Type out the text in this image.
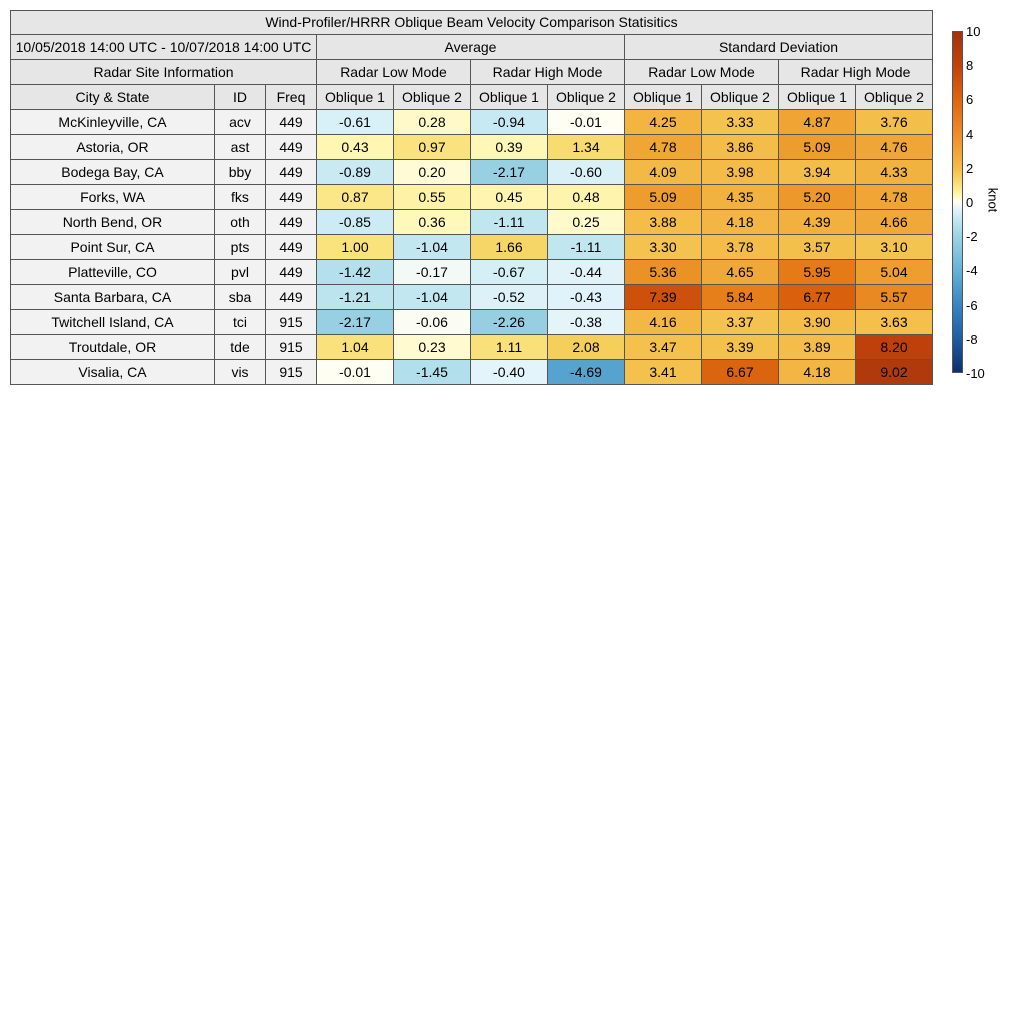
Wind-Profiler/HRRR Oblique Beam Velocity Comparison Statisitics										
10/05/2018 14:00 UTC - 10/07/2018 14:00 UTC			Average				Standard Deviation			
Radar Site Information			Radar Low Mode		Radar High Mode		Radar Low Mode		Radar High Mode	
City & State	ID	Freq	Oblique 1	Oblique 2	Oblique 1	Oblique 2	Oblique 1	Oblique 2	Oblique 1	Oblique 2
McKinleyville, CA	acv	449	-0.61	0.28	-0.94	-0.01	4.25	3.33	4.87	3.76
Astoria, OR	ast	449	0.43	0.97	0.39	1.34	4.78	3.86	5.09	4.76
Bodega Bay, CA	bby	449	-0.89	0.20	-2.17	-0.60	4.09	3.98	3.94	4.33
Forks, WA	fks	449	0.87	0.55	0.45	0.48	5.09	4.35	5.20	4.78
North Bend, OR	oth	449	-0.85	0.36	-1.11	0.25	3.88	4.18	4.39	4.66
Point Sur, CA	pts	449	1.00	-1.04	1.66	-1.11	3.30	3.78	3.57	3.10
Platteville, CO	pvl	449	-1.42	-0.17	-0.67	-0.44	5.36	4.65	5.95	5.04
Santa Barbara, CA	sba	449	-1.21	-1.04	-0.52	-0.43	7.39	5.84	6.77	5.57
Twitchell Island, CA	tci	915	-2.17	-0.06	-2.26	-0.38	4.16	3.37	3.90	3.63
Troutdale, OR	tde	915	1.04	0.23	1.11	2.08	3.47	3.39	3.89	8.20
Visalia, CA	vis	915	-0.01	-1.45	-0.40	-4.69	3.41	6.67	4.18	9.02
10
8
6
4
2
0
-2
-4
-6
-8
-10
knot
